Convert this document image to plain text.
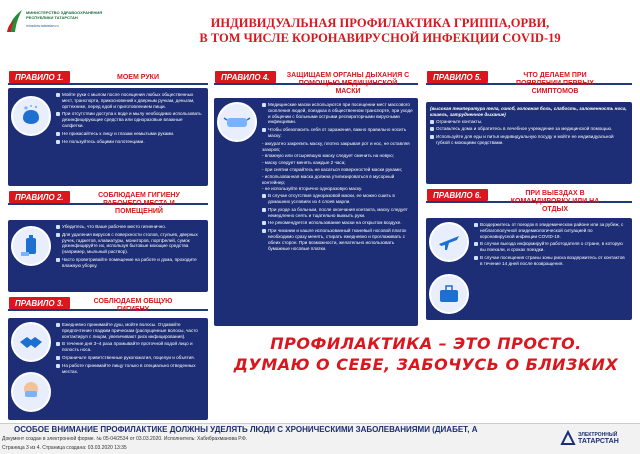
МИНИСТЕРСТВО ЗДРАВООХРАНЕНИЯ РЕСПУБЛИКИ ТАТАРСТАН
minzdrav.tatarstan.ru	ИНДИВИДУАЛЬНАЯ ПРОФИЛАКТИКА ГРИППА,ОРВИ,
В ТОМ ЧИСЛЕ КОРОНАВИРУСНОЙ ИНФЕКЦИИ COVID-19
ПРАВИЛО 1.	МОЕМ РУКИ
Мойте руки с мылом после посещения любых общественных мест, транспорта, прикосновений к дверным ручкам, деньгам, оргтехнике, перед едой и приготовлением пищи.
При отсутствии доступа к воде и мылу необходимо использовать дезинфицирующие средства или одноразовые влажные салфетки.
Не прикасайтесь к лицу и глазам немытыми руками.
Не пользуйтесь общими полотенцами.
ПРАВИЛО 2.	СОБЛЮДАЕМ ГИГИЕНУ РАБОЧЕГО МЕСТА И ПОМЕЩЕНИЙ
Убедитесь, что Ваше рабочее место гигиенично.
Для удаления вирусов с поверхности столов, стульев, дверных ручек, гаджетов, клавиатуры, мониторов, портфелей, сумок дезинфицируйте их, используя бытовые моющие средства (например, мыльный раствор).
Часто проветривайте помещение на работе и дома, проходите влажную уборку.
ПРАВИЛО 3.	СОБЛЮДАЕМ ОБЩУЮ ГИГИЕНУ
Ежедневно принимайте душ, мойте волосы. Отдавайте предпочтение гладким прическам (распущенные волосы, часто контактируя с лицом, увеличивают риск инфицирования).
В течение дня 3–4 раза промывайте проточной водой лицо и полость носа.
Ограничьте приветственные рукопожатия, поцелуи и объятия.
На работе принимайте пищу только в специально отведенных местах.
ПРАВИЛО 4.	ЗАЩИЩАЕМ ОРГАНЫ ДЫХАНИЯ С ПОМОЩЬЮ МЕДИЦИНСКОЙ МАСКИ
Медицинские маски используются при посещении мест массового скопления людей, поездках в общественном транспорте, при уходе и общении с больными острыми респираторными вирусными инфекциями.
Чтобы обезопасить себя от заражения, важно правильно носить маску:
- аккуратно закрепить маску, плотно закрывая рот и нос, не оставляя зазоров;
- влажную или отсыревшую маску следует сменить на новую;
- маску следует менять каждые 2 часа;
- при снятии старайтесь не касаться поверхностей маски руками;
- использованная маска должна утилизироваться в мусорный контейнер;
- не используйте вторично одноразовую маску.
В случае отсутствия одноразовой маски, ее можно сшить в домашних условиях из 4 слоев марли.
При уходе за больным, после окончания контакта, маску следует немедленно снять и тщательно вымыть руки.
Не рекомендуется использование маски на открытом воздухе.
При чихании и кашле использованный тканевый носовой платок необходимо сразу менять, стирать ежедневно и проглаживать с обеих сторон. При возможности, желательно использовать бумажные носовые платки.
ПРАВИЛО 5.	ЧТО ДЕЛАЕМ ПРИ ПОЯВЛЕНИИ ПЕРВЫХ СИМПТОМОВ
(высокая температура тела, озноб, головная боль, слабость, заложенность носа, кашель, затрудненное дыхание)
Ограничьте контакты.
Оставьтесь дома и обратитесь в лечебное учреждение за медицинской помощью.
Используйте для еды и питья индивидуальную посуду и мойте ее индивидуальной губкой с моющими средствами.
ПРАВИЛО 6.	ПРИ ВЫЕЗДАХ В КОМАНДИРОВКУ ИЛИ НА ОТДЫХ
Воздержитесь от поездок в эпидемическом районе или за рубеж, с неблагополучной эпидемиологической ситуацией по коронавирусной инфекции COVID-19.
В случае выезда информируйте работодателя о стране, в которую вы поехали, и сроках поездки.
В случае посещения страны зоны риска воздержитесь от контактов в течение 14 дней после возвращения.
ПРОФИЛАКТИКА – ЭТО ПРОСТО.
ДУМАЮ О СЕБЕ, ЗАБОЧУСЬ О БЛИЗКИХ
ОСОБОЕ ВНИМАНИЕ ПРОФИЛАКТИКЕ ДОЛЖНЫ УДЕЛЯТЬ ЛЮДИ С ХРОНИЧЕСКИМИ ЗАБОЛЕВАНИЯМИ (ДИАБЕТ, А
Документ создан в электронной форме. № 05-04/2534 от 03.03.2020. Исполнитель: Хабибрахманова Р.Ф.
Страница 3 из 4. Страница создана: 03.03.2020 13:35
ЭЛЕКТРОННЫЙ
ТАТАРСТАН
